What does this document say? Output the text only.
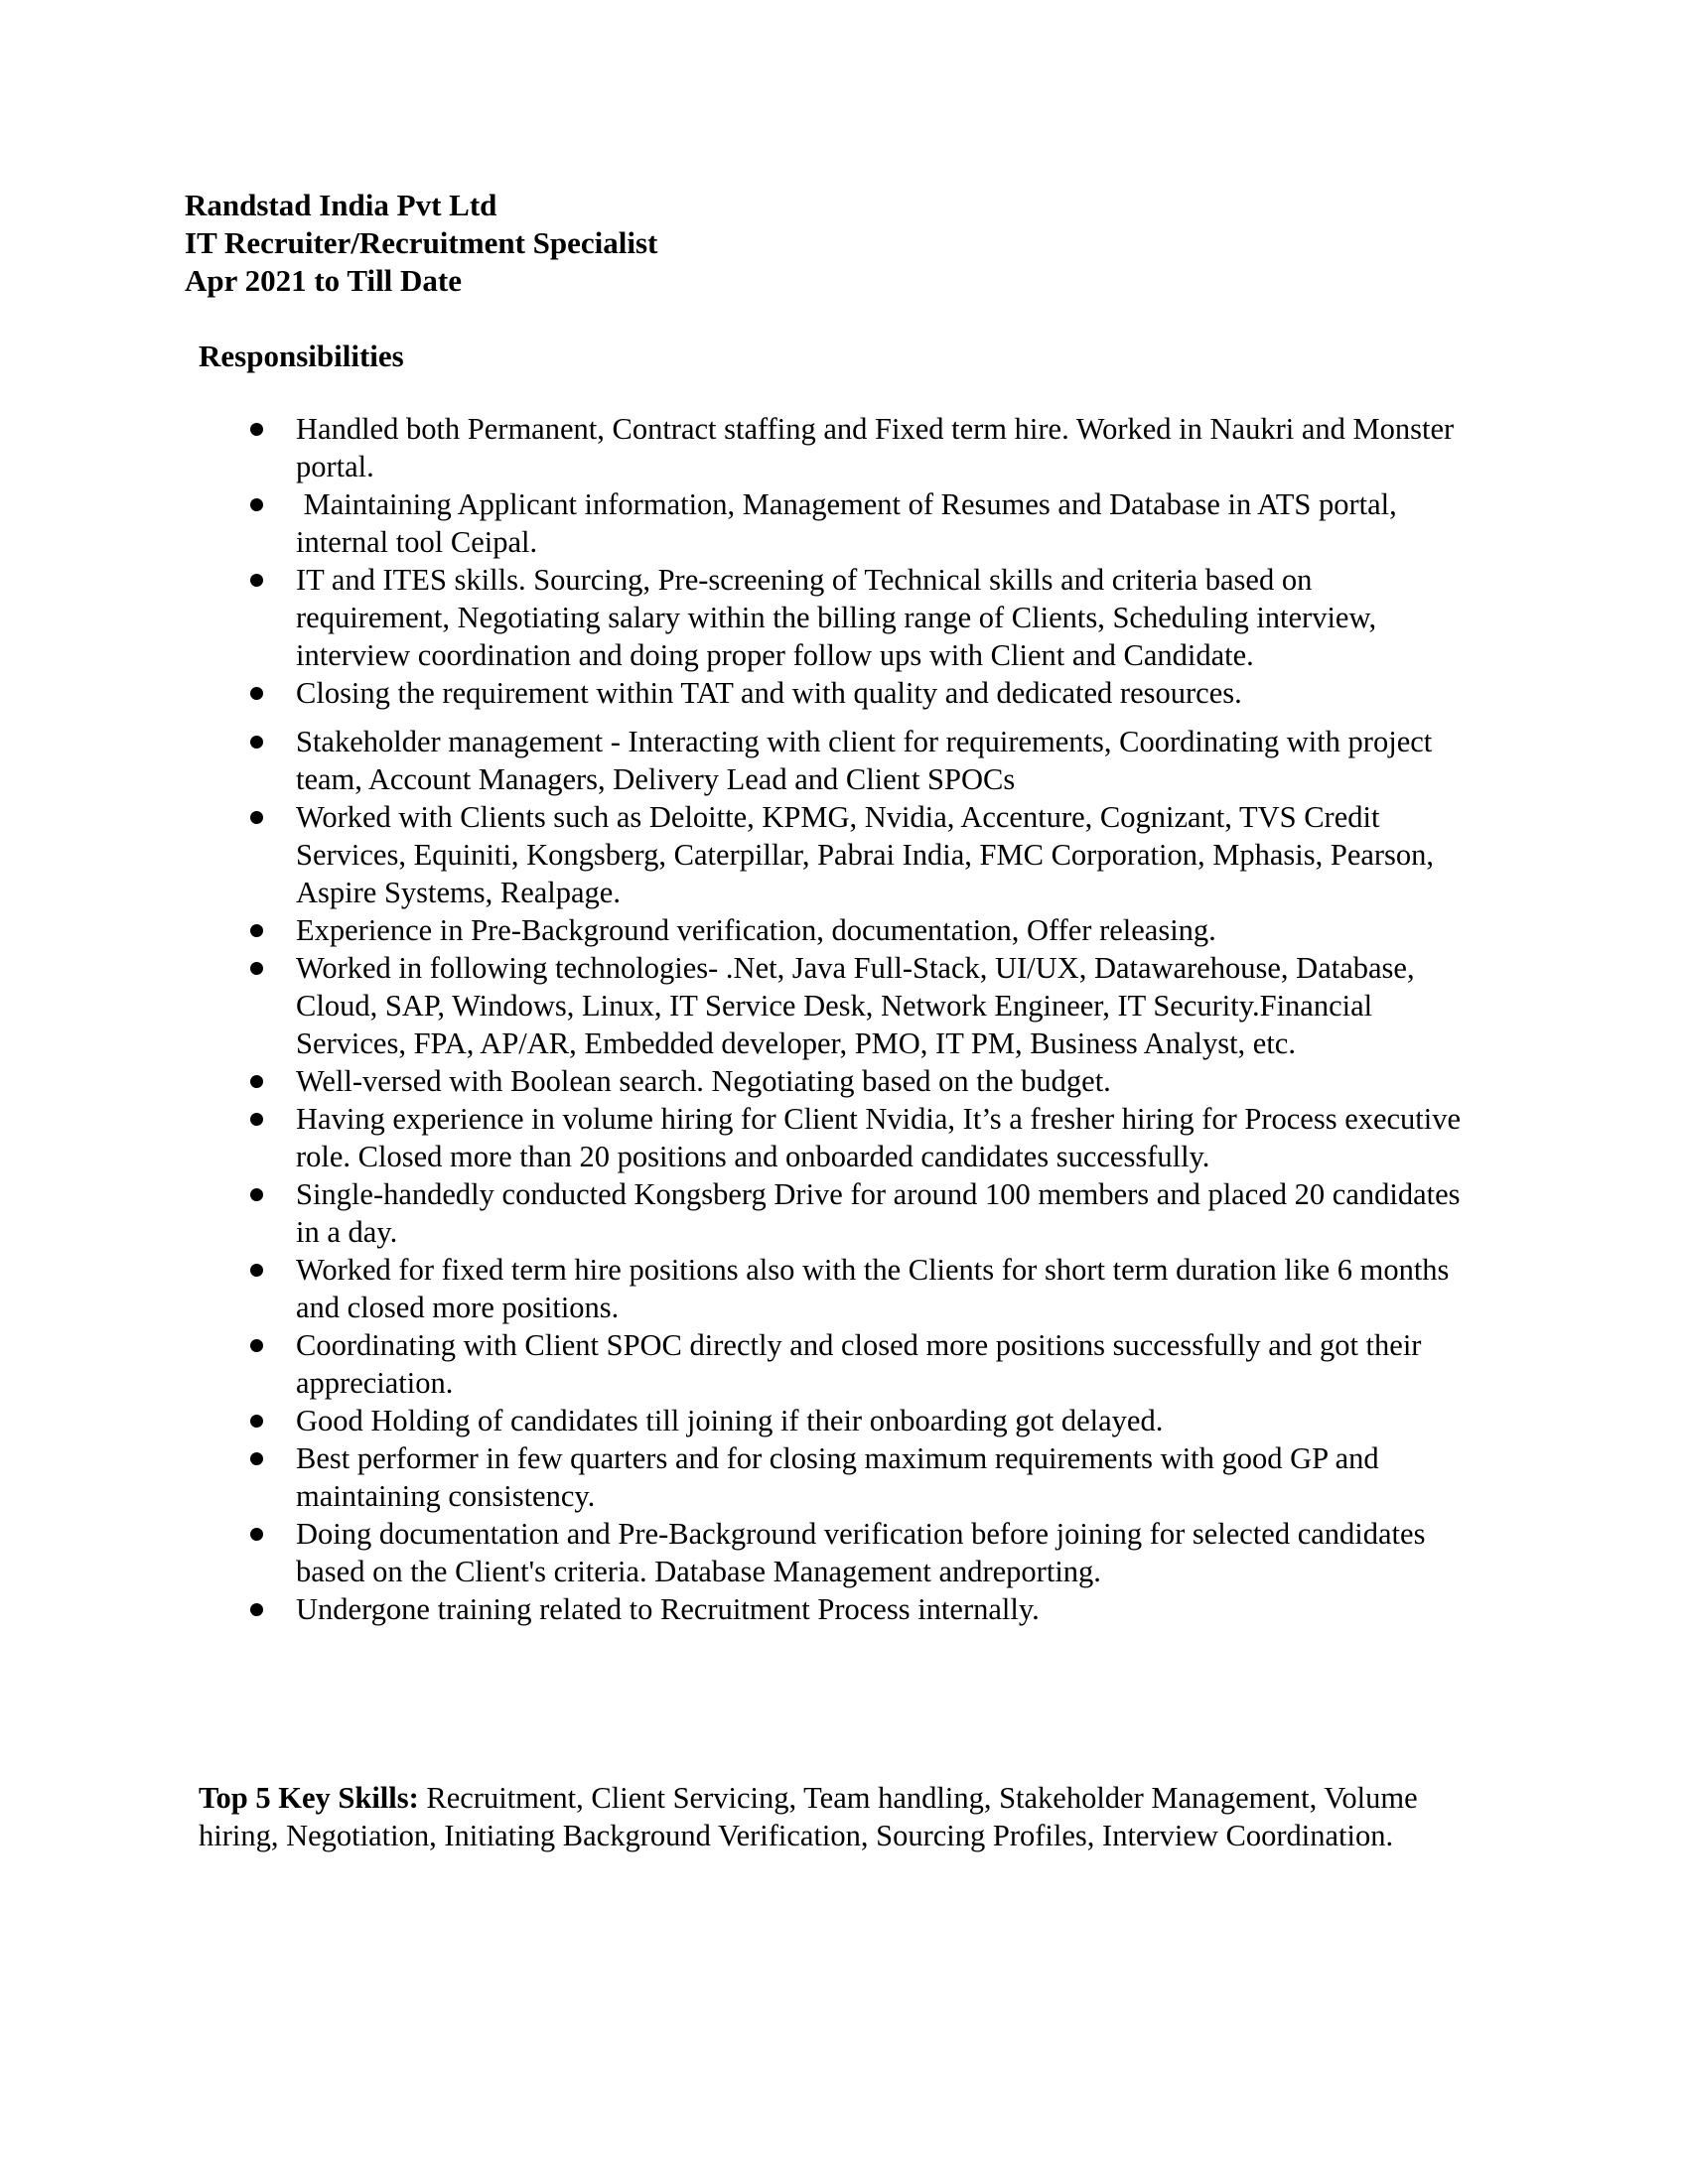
Randstad India Pvt Ltd
IT Recruiter/Recruitment Specialist
Apr 2021 to Till Date
Responsibilities
Handled both Permanent, Contract staffing and Fixed term hire. Worked in Naukri and Monster portal.
Maintaining Applicant information, Management of Resumes and Database in ATS portal, internal tool Ceipal.
IT and ITES skills. Sourcing, Pre-screening of Technical skills and criteria based on requirement, Negotiating salary within the billing range of Clients, Scheduling interview, interview coordination and doing proper follow ups with Client and Candidate.
Closing the requirement within TAT and with quality and dedicated resources.
Stakeholder management - Interacting with client for requirements, Coordinating with project team, Account Managers, Delivery Lead and Client SPOCs
Worked with Clients such as Deloitte, KPMG, Nvidia, Accenture, Cognizant, TVS Credit Services, Equiniti, Kongsberg, Caterpillar, Pabrai India, FMC Corporation, Mphasis, Pearson, Aspire Systems, Realpage.
Experience in Pre-Background verification, documentation, Offer releasing.
Worked in following technologies- .Net, Java Full-Stack, UI/UX, Datawarehouse, Database, Cloud, SAP, Windows, Linux, IT Service Desk, Network Engineer, IT Security.Financial Services, FPA, AP/AR, Embedded developer, PMO, IT PM, Business Analyst, etc.
Well-versed with Boolean search. Negotiating based on the budget.
Having experience in volume hiring for Client Nvidia, It’s a fresher hiring for Process executive role. Closed more than 20 positions and onboarded candidates successfully.
Single-handedly conducted Kongsberg Drive for around 100 members and placed 20 candidates in a day.
Worked for fixed term hire positions also with the Clients for short term duration like 6 months and closed more positions.
Coordinating with Client SPOC directly and closed more positions successfully and got their appreciation.
Good Holding of candidates till joining if their onboarding got delayed.
Best performer in few quarters and for closing maximum requirements with good GP and maintaining consistency.
Doing documentation and Pre-Background verification before joining for selected candidates based on the Client's criteria. Database Management andreporting.
Undergone training related to Recruitment Process internally.
Top 5 Key Skills: Recruitment, Client Servicing, Team handling, Stakeholder Management, Volume hiring, Negotiation, Initiating Background Verification, Sourcing Profiles, Interview Coordination.
